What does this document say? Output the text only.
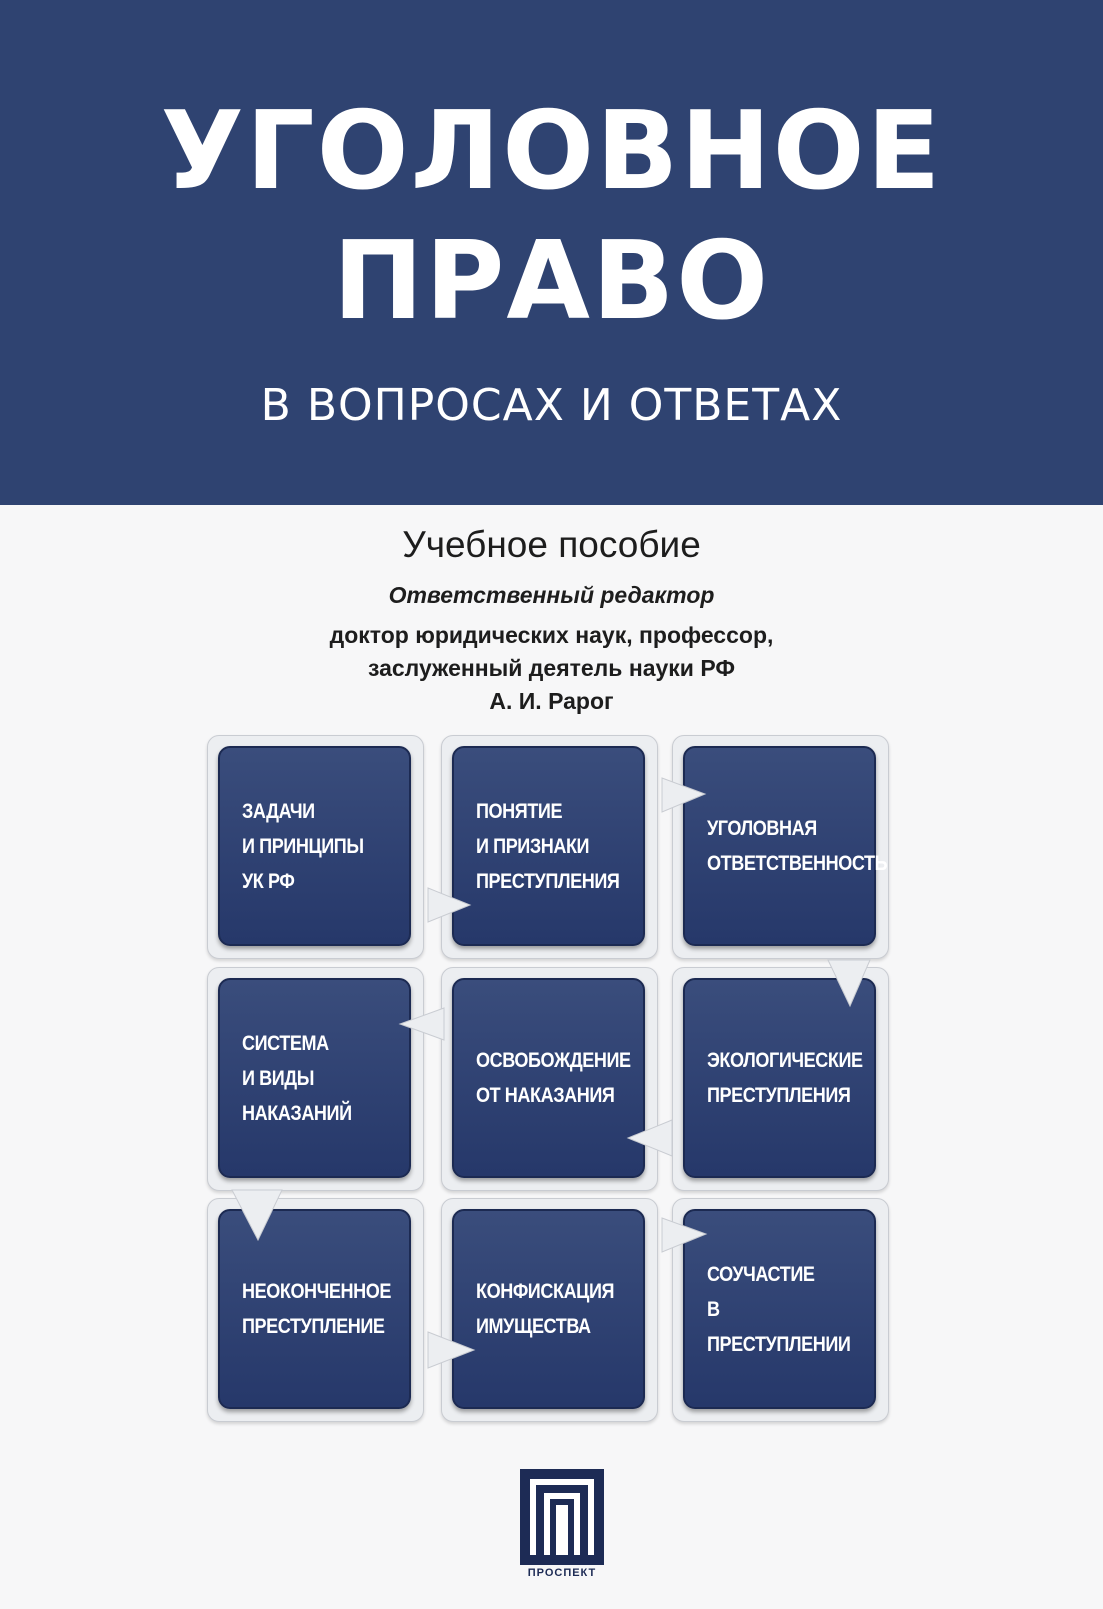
УГОЛОВНОЕ
ПРАВО
В ВОПРОСАХ И ОТВЕТАХ
Учебное пособие
Ответственный редактор
доктор юридических наук, профессор,
заслуженный деятель науки РФ
А. И. Рарог
ЗАДАЧИ
И ПРИНЦИПЫ
УК РФ
ПОНЯТИЕ
И ПРИЗНАКИ
ПРЕСТУПЛЕНИЯ
УГОЛОВНАЯ
ОТВЕТСТВЕННОСТЬ
СИСТЕМА
И ВИДЫ
НАКАЗАНИЙ
ОСВОБОЖДЕНИЕ
ОТ НАКАЗАНИЯ
ЭКОЛОГИЧЕСКИЕ
ПРЕСТУПЛЕНИЯ
НЕОКОНЧЕННОЕ
ПРЕСТУПЛЕНИЕ
КОНФИСКАЦИЯ
ИМУЩЕСТВА
СОУЧАСТИЕ
В ПРЕСТУПЛЕНИИ
ПРОСПЕКТ
